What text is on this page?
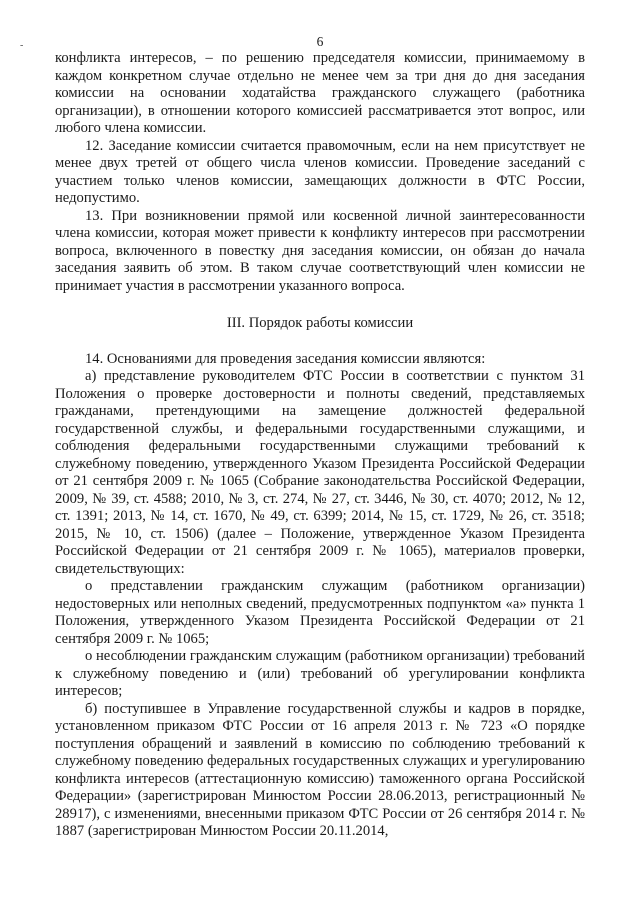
-	6

конфликта интересов, – по решению председателя комиссии, принимаемому в каждом конкретном случае отдельно не менее чем за три дня до дня заседания комиссии на основании ходатайства гражданского служащего (работника организации), в отношении которого комиссией рассматривается этот вопрос, или любого члена комиссии.

12. Заседание комиссии считается правомочным, если на нем присутствует не менее двух третей от общего числа членов комиссии. Проведение заседаний с участием только членов комиссии, замещающих должности в ФТС России, недопустимо.

13. При возникновении прямой или косвенной личной заинтересованности члена комиссии, которая может привести к конфликту интересов при рассмотрении вопроса, включенного в повестку дня заседания комиссии, он обязан до начала заседания заявить об этом. В таком случае соответствующий член комиссии не принимает участия в рассмотрении указанного вопроса.

III. Порядок работы комиссии

14. Основаниями для проведения заседания комиссии являются:

а) представление руководителем ФТС России в соответствии с пунктом 31 Положения о проверке достоверности и полноты сведений, представляемых гражданами, претендующими на замещение должностей федеральной государственной службы, и федеральными государственными служащими, и соблюдения федеральными государственными служащими требований к служебному поведению, утвержденного Указом Президента Российской Федерации от 21 сентября 2009 г. № 1065 (Собрание законодательства Российской Федерации, 2009, № 39, ст. 4588; 2010, № 3, ст. 274, № 27, ст. 3446, № 30, ст. 4070; 2012, № 12, ст. 1391; 2013, № 14, ст. 1670, № 49, ст. 6399; 2014, № 15, ст. 1729, № 26, ст. 3518; 2015, № 10, ст. 1506) (далее – Положение, утвержденное Указом Президента Российской Федерации от 21 сентября 2009 г. № 1065), материалов проверки, свидетельствующих:

о представлении гражданским служащим (работником организации) недостоверных или неполных сведений, предусмотренных подпунктом «а» пункта 1 Положения, утвержденного Указом Президента Российской Федерации от 21 сентября 2009 г. № 1065;

о несоблюдении гражданским служащим (работником организации) требований к служебному поведению и (или) требований об урегулировании конфликта интересов;

б) поступившее в Управление государственной службы и кадров в порядке, установленном приказом ФТС России от 16 апреля 2013 г. № 723 «О порядке поступления обращений и заявлений в комиссию по соблюдению требований к служебному поведению федеральных государственных служащих и урегулированию конфликта интересов (аттестационную комиссию) таможенного органа Российской Федерации» (зарегистрирован Минюстом России 28.06.2013, регистрационный № 28917), с изменениями, внесенными приказом ФТС России от 26 сентября 2014 г. № 1887 (зарегистрирован Минюстом России 20.11.2014,
